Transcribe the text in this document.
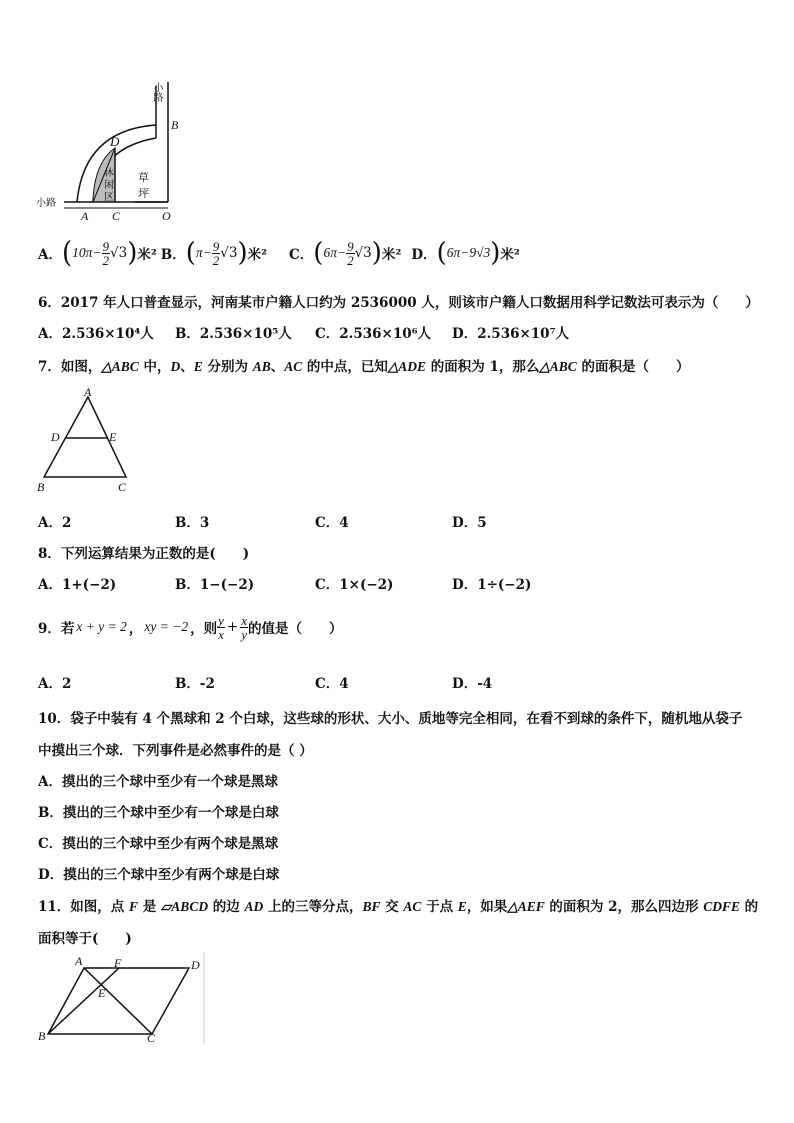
小路
B
D
休
闲
区
草
坪
小路
A C	O
A． ( $10\pi- \frac{9}{2} √3$ ) 米² B． ( $\pi- \frac{9}{2} √3$ ) 米² C． ( $6\pi- \frac{9}{2} √3$ ) 米² D． ( 6π−9√3 ) 米²
6．2017 年人口普查显示，河南某市户籍人口约为 2536000 人，则该市户籍人口数据用科学记数法可表示为（　　）
A．2.536×10⁴人 B．2.536×10⁵人 C．2.536×10⁶人 D．2.536×10⁷人
7．如图，△ABC 中，D、E 分别为 AB、AC 的中点，已知△ADE 的面积为 1，那么△ABC 的面积是（　　）
A
D	E
B	C
A．2	B．3	C．4	D．5
8．下列运算结果为正数的是(　　)
A．1+(−2)	B．1−(−2)	C．1×(−2)	D．1÷(−2)
9．若 x + y = 2 ， xy = −2 ，则 $\frac{y}{x} + \frac{x}{y}$ 的值是（　　）
A．2	B．-2	C．4	D．-4
10．袋子中装有 4 个黑球和 2 个白球，这些球的形状、大小、质地等完全相同，在看不到球的条件下，随机地从袋子
中摸出三个球．下列事件是必然事件的是（ ）
A．摸出的三个球中至少有一个球是黑球
B．摸出的三个球中至少有一个球是白球
C．摸出的三个球中至少有两个球是黑球
D．摸出的三个球中至少有两个球是白球
11．如图，点 F 是 ▱ABCD 的边 AD 上的三等分点，BF 交 AC 于点 E，如果△AEF 的面积为 2，那么四边形 CDFE 的
面积等于(　　)
A	F	D
E
B	C
